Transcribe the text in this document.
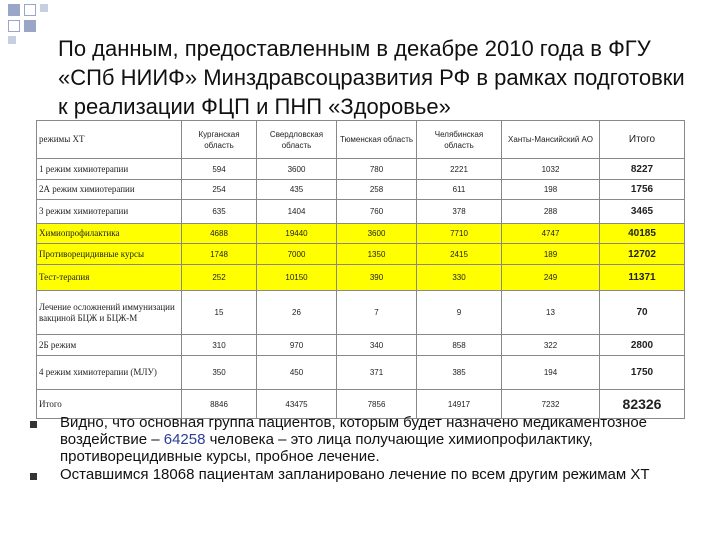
По данным, предоставленным в декабре 2010 года в ФГУ «СПб НИИФ» Минздравсоцразвития РФ в рамках подготовки к реализации ФЦП и ПНП «Здоровье»
режимы ХТ	Курганская область	Свердловская область	Тюменская область	Челябинская область	Ханты-Мансийский АО	Итого
1 режим химиотерапии	594	3600	780	2221	1032	8227
2А режим химиотерапии	254	435	258	611	198	1756
3 режим химиотерапии	635	1404	760	378	288	3465
Химиопрофилактика	4688	19440	3600	7710	4747	40185
Противорецидивные курсы	1748	7000	1350	2415	189	12702
Тест-терапия	252	10150	390	330	249	11371
Лечение осложнений иммунизации вакциной БЦЖ и БЦЖ-М	15	26	7	9	13	70
2Б режим	310	970	340	858	322	2800
4 режим химиотерапии (МЛУ)	350	450	371	385	194	1750
Итого	8846	43475	7856	14917	7232	82326
Видно, что основная группа пациентов, которым будет назначено медикаментозное воздействие – 64258 человека – это лица получающие химиопрофилактику, противорецидивные курсы, пробное лечение.
Оставшимся 18068 пациентам запланировано лечение по всем другим режимам ХТ
